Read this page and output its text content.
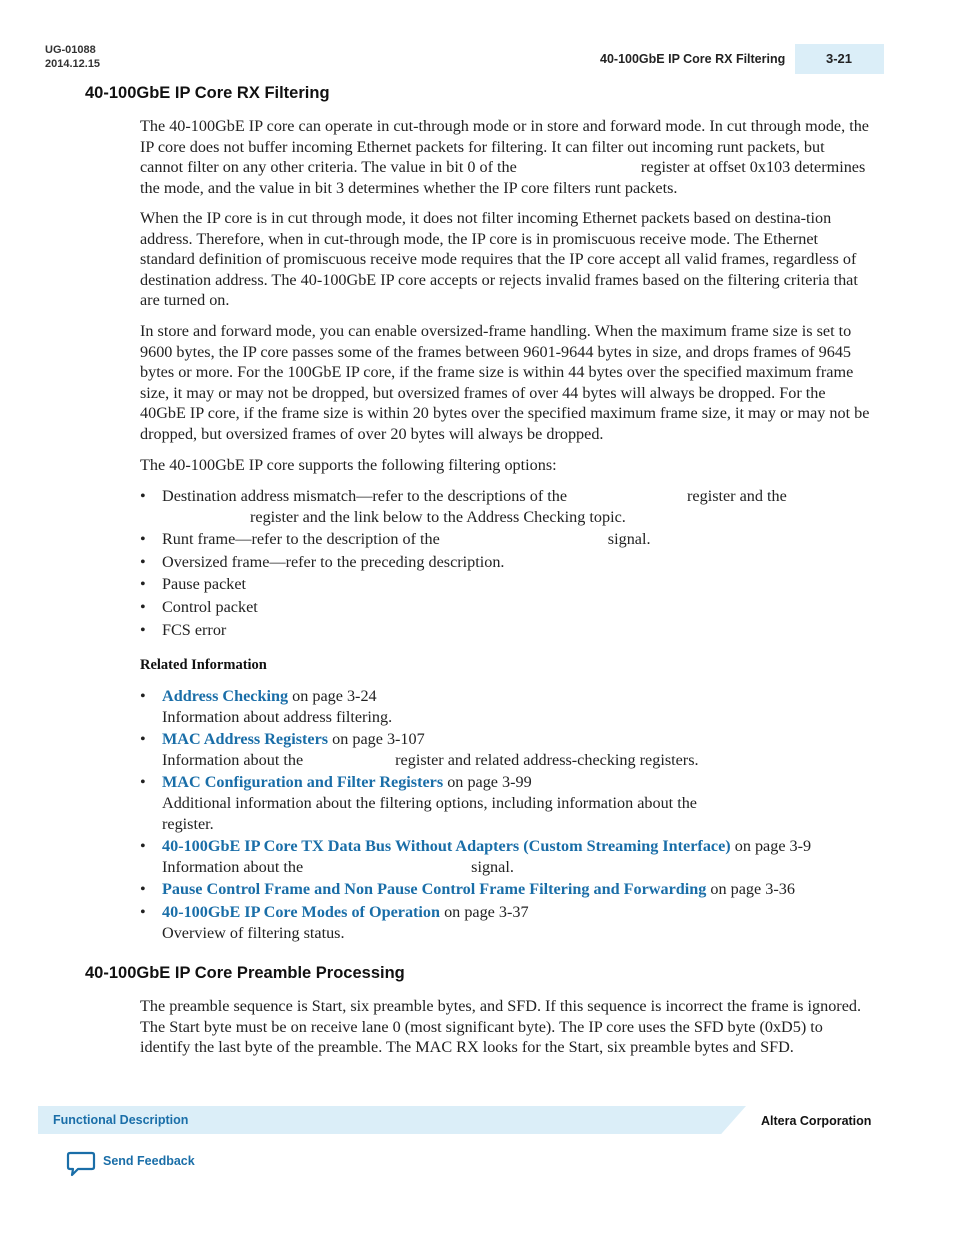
UG-01088
2014.12.15	40-100GbE IP Core RX Filtering	3-21
40-100GbE IP Core RX Filtering

The 40-100GbE IP core can operate in cut-through mode or in store and forward mode. In cut through mode, the IP core does not buffer incoming Ethernet packets for filtering. It can filter out incoming runt packets, but cannot filter on any other criteria. The value in bit 0 of the	register at offset 0x103 determines the mode, and the value in bit 3 determines whether the IP core filters runt packets.

When the IP core is in cut through mode, it does not filter incoming Ethernet packets based on destina-tion address. Therefore, when in cut-through mode, the IP core is in promiscuous receive mode. The Ethernet standard definition of promiscuous receive mode requires that the IP core accept all valid frames, regardless of destination address. The 40-100GbE IP core accepts or rejects invalid frames based on the filtering criteria that are turned on.

In store and forward mode, you can enable oversized-frame handling. When the maximum frame size is set to 9600 bytes, the IP core passes some of the frames between 9601-9644 bytes in size, and drops frames of 9645 bytes or more. For the 100GbE IP core, if the frame size is within 44 bytes over the specified maximum frame size, it may or may not be dropped, but oversized frames of over 44 bytes will always be dropped. For the 40GbE IP core, if the frame size is within 20 bytes over the specified maximum frame size, it may or may not be dropped, but oversized frames of over 20 bytes will always be dropped.

The 40-100GbE IP core supports the following filtering options:

• Destination address mismatch—refer to the descriptions of the	register and the
register and the link below to the Address Checking topic.
• Runt frame—refer to the description of the	signal.
• Oversized frame—refer to the preceding description.
• Pause packet
• Control packet
• FCS error
Related Information
• Address Checking on page 3-24
Information about address filtering.
• MAC Address Registers on page 3-107
Information about the	register and related address-checking registers.
• MAC Configuration and Filter Registers on page 3-99
Additional information about the filtering options, including information about the
register.
• 40-100GbE IP Core TX Data Bus Without Adapters (Custom Streaming Interface) on page 3-9
Information about the	signal.
• Pause Control Frame and Non Pause Control Frame Filtering and Forwarding on page 3-36
• 40-100GbE IP Core Modes of Operation on page 3-37
Overview of filtering status.
40-100GbE IP Core Preamble Processing

The preamble sequence is Start, six preamble bytes, and SFD. If this sequence is incorrect the frame is ignored. The Start byte must be on receive lane 0 (most significant byte). The IP core uses the SFD byte (0xD5) to identify the last byte of the preamble. The MAC RX looks for the Start, six preamble bytes and SFD.

Functional Description	Altera Corporation
Send Feedback
